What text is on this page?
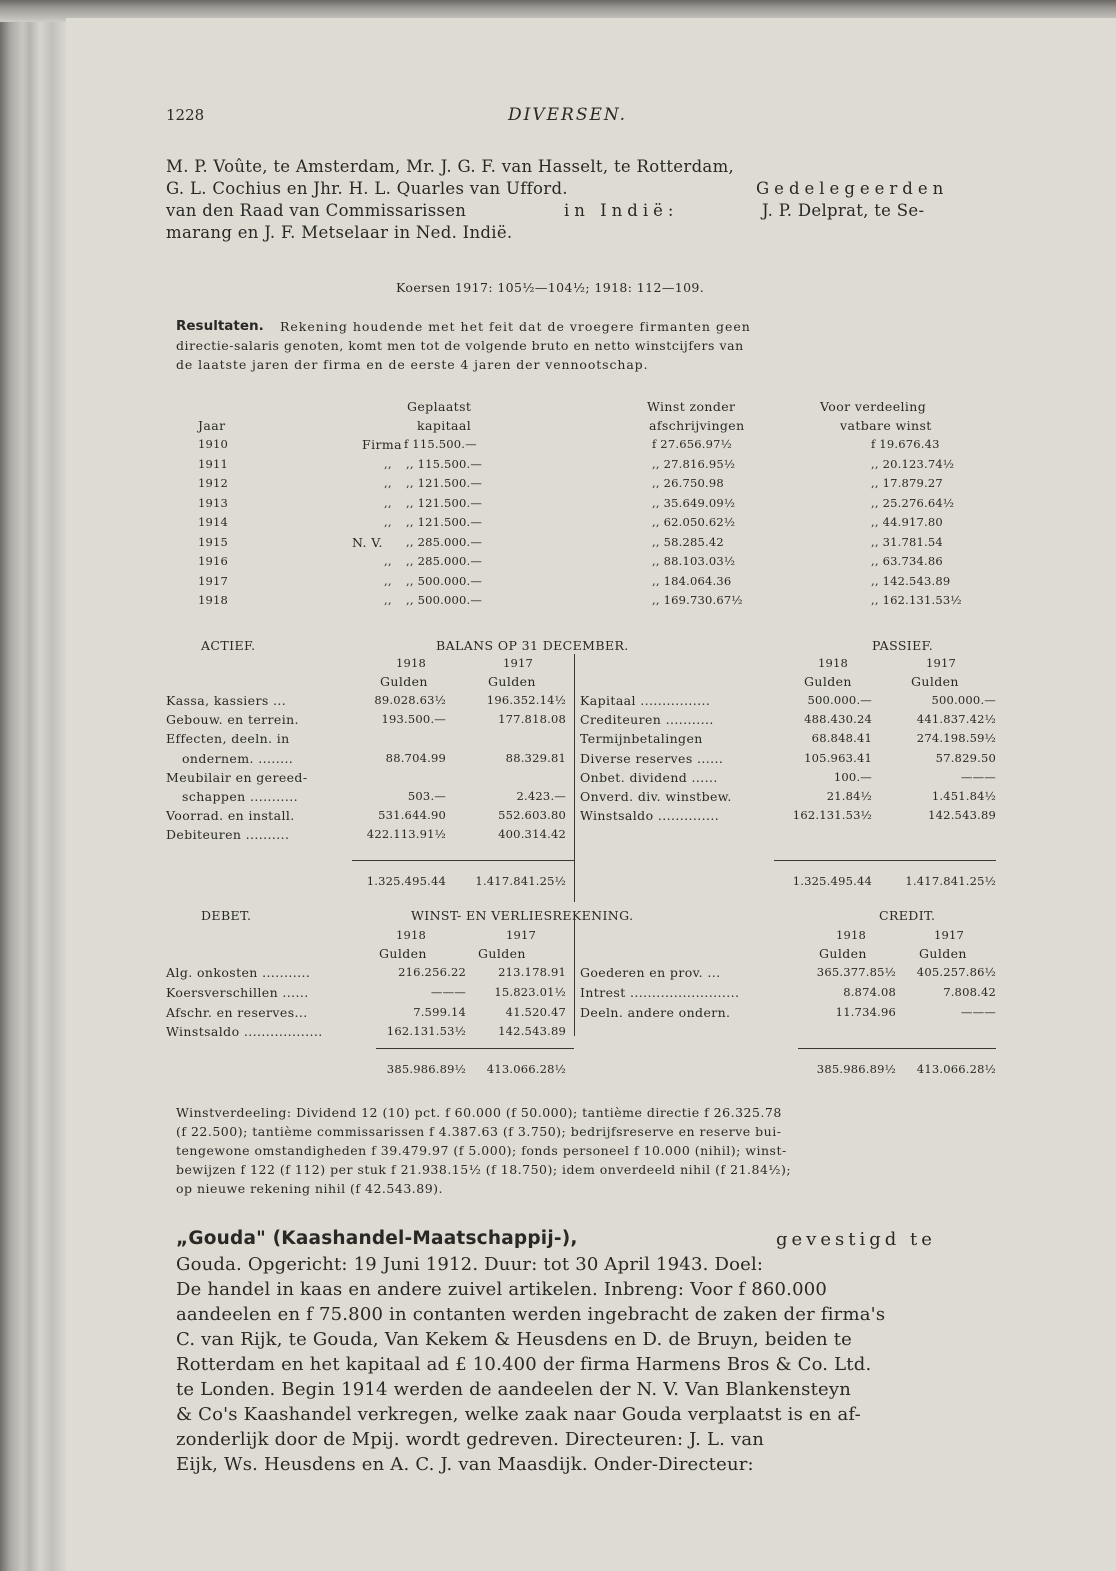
1228	DIVERSEN.
M. P. Voûte, te Amsterdam, Mr. J. G. F. van Hasselt, te Rotterdam,
G. L. Cochius en Jhr. H. L. Quarles van Ufford.	Gedelegeerden
van den Raad van Commissarissen	in Indië:	J. P. Delprat, te Se-
marang en J. F. Metselaar in Ned. Indië.
Koersen 1917: 105½—104½; 1918: 112—109.
Resultaten. Rekening houdende met het feit dat de vroegere firmanten geen
directie-salaris genoten, komt men tot de volgende bruto en netto winstcijfers van
de laatste jaren der firma en de eerste 4 jaren der vennootschap.
Geplaatst	Winst zonder	Voor verdeeling
Jaar	kapitaal	afschrijvingen	vatbare winst
1910	Firma f 115.500.—	f 27.656.97½	f 19.676.43
1911	,, ,, 115.500.—	,, 27.816.95½	,, 20.123.74½
1912	,, ,, 121.500.—	,, 26.750.98	,, 17.879.27
1913	,, ,, 121.500.—	,, 35.649.09½	,, 25.276.64½
1914	,, ,, 121.500.—	,, 62.050.62½	,, 44.917.80
1915	N. V. ,, 285.000.—	,, 58.285.42	,, 31.781.54
1916	,, ,, 285.000.—	,, 88.103.03½	,, 63.734.86
1917	,, ,, 500.000.—	,, 184.064.36	,, 142.543.89
1918	,, ,, 500.000.—	,, 169.730.67½	,, 162.131.53½
ACTIEF.	BALANS OP 31 DECEMBER.	PASSIEF.
1918	1917	1918	1917
Gulden	Gulden	Gulden	Gulden
Kassa, kassiers ...	89.028.63½	196.352.14½
Gebouw. en terrein.	193.500.—	177.818.08
Effecten, deeln. in
ondernem. ........	88.704.99	88.329.81
Meubilair en gereed-
schappen ...........	503.—	2.423.—
Voorrad. en install.	531.644.90	552.603.80
Debiteuren ..........	422.113.91½	400.314.42
Kapitaal ................	500.000.—	500.000.—
Crediteuren ...........	488.430.24	441.837.42½
Termijnbetalingen	68.848.41	274.198.59½
Diverse reserves ......	105.963.41	57.829.50
Onbet. dividend ......	100.—	———
Onverd. div. winstbew.	21.84½	1.451.84½
Winstsaldo ..............	162.131.53½	142.543.89
1.325.495.44	1.417.841.25½	1.325.495.44	1.417.841.25½
DEBET.	WINST- EN VERLIESREKENING.	CREDIT.
1918	1917	1918	1917
Gulden	Gulden	Gulden	Gulden
Alg. onkosten ...........	216.256.22	213.178.91
Koersverschillen ......	———	15.823.01½
Afschr. en reserves...	7.599.14	41.520.47
Winstsaldo ..................	162.131.53½	142.543.89
Goederen en prov. ...	365.377.85½	405.257.86½
Intrest .........................	8.874.08	7.808.42
Deeln. andere ondern.	11.734.96	———
385.986.89½	413.066.28½	385.986.89½	413.066.28½
Winstverdeeling: Dividend 12 (10) pct. f 60.000 (f 50.000); tantième directie f 26.325.78
(f 22.500); tantième commissarissen f 4.387.63 (f 3.750); bedrijfsreserve en reserve bui-
tengewone omstandigheden f 39.479.97 (f 5.000); fonds personeel f 10.000 (nihil); winst-
bewijzen f 122 (f 112) per stuk f 21.938.15½ (f 18.750); idem onverdeeld nihil (f 21.84½);
op nieuwe rekening nihil (f 42.543.89).
„Gouda" (Kaashandel-Maatschappij-),	gevestigd te
Gouda. Opgericht: 19 Juni 1912. Duur: tot 30 April 1943. Doel:
De handel in kaas en andere zuivel artikelen. Inbreng: Voor f 860.000
aandeelen en f 75.800 in contanten werden ingebracht de zaken der firma's
C. van Rijk, te Gouda, Van Kekem & Heusdens en D. de Bruyn, beiden te
Rotterdam en het kapitaal ad £ 10.400 der firma Harmens Bros & Co. Ltd.
te Londen. Begin 1914 werden de aandeelen der N. V. Van Blankensteyn
& Co's Kaashandel verkregen, welke zaak naar Gouda verplaatst is en af-
zonderlijk door de Mpij. wordt gedreven. Directeuren: J. L. van
Eijk, Ws. Heusdens en A. C. J. van Maasdijk. Onder-Directeur:
